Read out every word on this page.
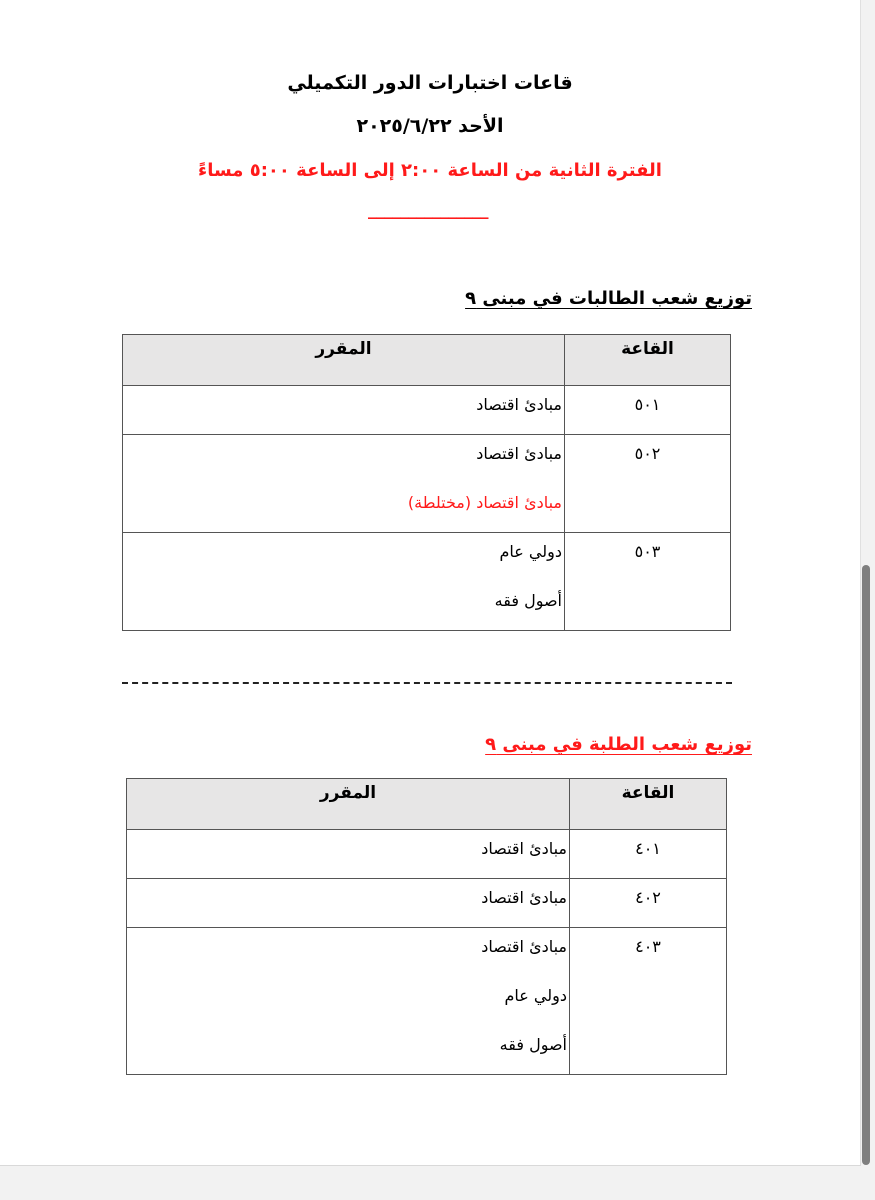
قاعات اختبارات الدور التكميلي
الأحد ٢٠٢٥/٦/٢٢
الفترة الثانية من الساعة ٢:٠٠ إلى الساعة ٥:٠٠ مساءً
_______________
توزيع شعب الطالبات في مبنى ٩
القاعة	المقرر

٥٠١	مبادئ اقتصاد

٥٠٢	مبادئ اقتصاد
مبادئ اقتصاد (مختلطة)

٥٠٣	دولي عام
أصول فقه
توزيع شعب الطلبة في مبنى ٩
القاعة	المقرر

٤٠١	مبادئ اقتصاد

٤٠٢	مبادئ اقتصاد

٤٠٣	مبادئ اقتصاد
دولي عام
أصول فقه
